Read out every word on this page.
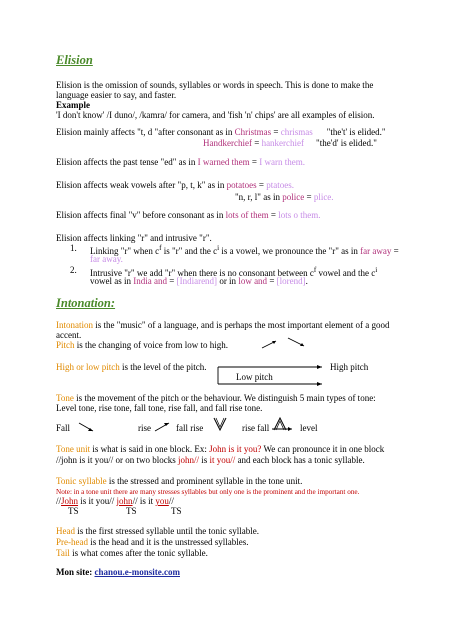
Elision
Elision is the omission of sounds, syllables or words in speech. This is done to make the
language easier to say, and faster.
Example
'I don't know' /I duno/, /kamra/ for camera, and 'fish 'n' chips' are all examples of elision.
Elision mainly affects "t, d "after consonant as in Christmas = chrismas "the't' is elided."
Handkerchief = hankerchief "the'd' is elided."
Elision affects the past tense "ed" as in I warned them = I warn them.
Elision affects weak vowels after "p, t, k" as in potatoes = ptatoes.
"n, r, l" as in police = plice.
Elision affects final "v" before consonant as in lots of them = lots o them.
Elision affects linking "r" and intrusive "r".
1. Linking "r" when $c^f$ is "r" and the $c^i$ is a vowel, we pronounce the "r" as in far away =
far away.
2. Intrusive "r" we add "r" when there is no consonant between $c^f$ vowel and the $c^i$
vowel as in India and = [Indiarend] or in low and = [lorend].
Intonation:
Intonation is the "music" of a language, and is perhaps the most important element of a good
accent.
Pitch is the changing of voice from low to high.
High or low pitch is the level of the pitch.	High pitch
Low pitch
Tone is the movement of the pitch or the behaviour. We distinguish 5 main types of tone:
Level tone, rise tone, fall tone, rise fall, and fall rise tone.
Fall	rise	fall rise	rise fall	level
Tone unit is what is said in one block. Ex: John is it you? We can pronounce it in one block
//john is it you// or on two blocks john// is it you// and each block has a tonic syllable.
Tonic syllable is the stressed and prominent syllable in the tone unit.
Note: in a tone unit there are many stresses syllables but only one is the prominent and the important one.
//John is it you// john// is it you//
TS	TS	TS
Head is the first stressed syllable until the tonic syllable.
Pre-head is the head and it is the unstressed syllables.
Tail is what comes after the tonic syllable.
Mon site: chanou.e-monsite.com
